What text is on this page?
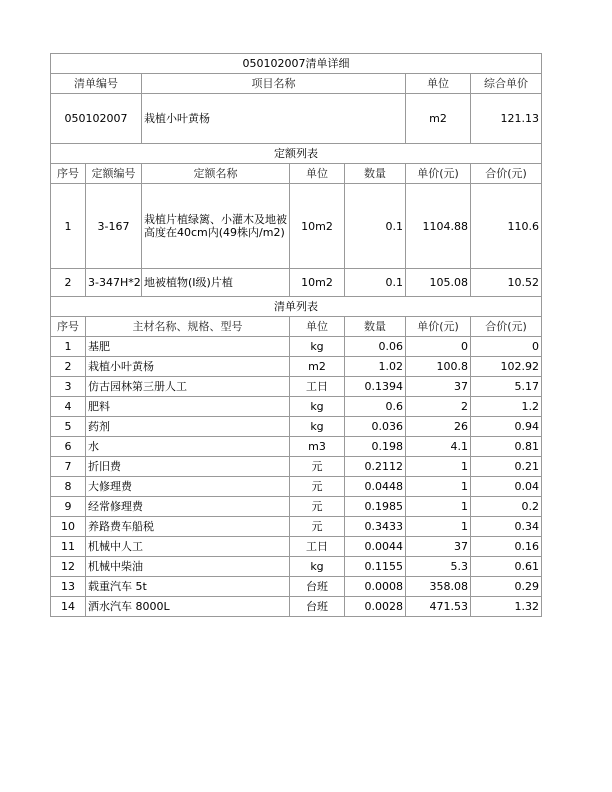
050102007清单详细						
清单编号		项目名称			单位	综合单价
050102007		栽植小叶黄杨			m2	121.13
定额列表						
序号	定额编号	定额名称	单位	数量	单价(元)	合价(元)
1	3-167	栽植片植绿篱、小灌木及地被高度在40cm内(49株内/m2)	10m2	0.1	1104.88	110.6
2	3-347H*2	地被植物(I级)片植	10m2	0.1	105.08	10.52
清单列表						
序号	主材名称、规格、型号		单位	数量	单价(元)	合价(元)
1	基肥		kg	0.06	0	0
2	栽植小叶黄杨		m2	1.02	100.8	102.92
3	仿古园林第三册人工		工日	0.1394	37	5.17
4	肥料		kg	0.6	2	1.2
5	药剂		kg	0.036	26	0.94
6	水		m3	0.198	4.1	0.81
7	折旧费		元	0.2112	1	0.21
8	大修理费		元	0.0448	1	0.04
9	经常修理费		元	0.1985	1	0.2
10	养路费车船税		元	0.3433	1	0.34
11	机械中人工		工日	0.0044	37	0.16
12	机械中柴油		kg	0.1155	5.3	0.61
13	载重汽车 5t		台班	0.0008	358.08	0.29
14	洒水汽车 8000L		台班	0.0028	471.53	1.32
